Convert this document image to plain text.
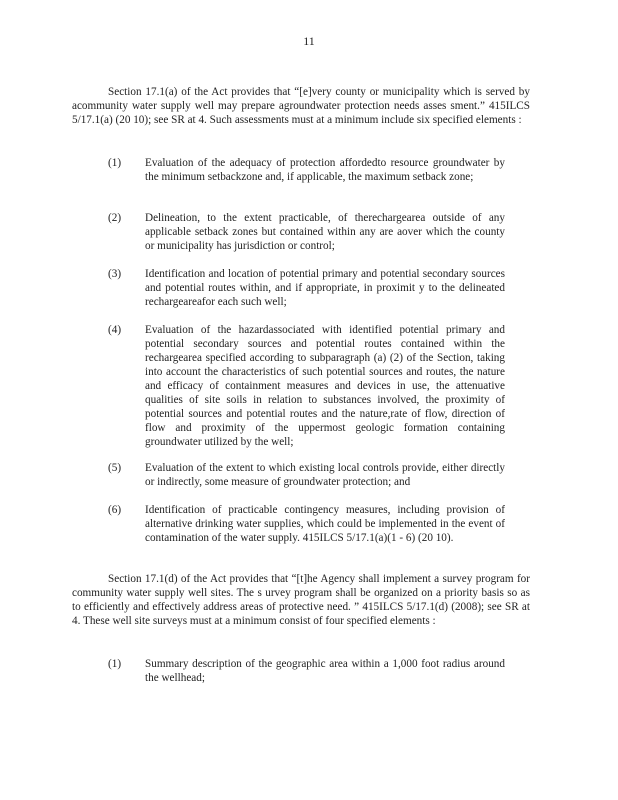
11

Section 17.1(a) of the Act provides that “[e]very county or municipality which is served by acommunity water supply well may prepare agroundwater protection needs asses sment.” 415ILCS 5/17.1(a) (20 10); see SR at 4. Such assessments must at a minimum include six specified elements :

(1) Evaluation of the adequacy of protection affordedto resource groundwater by the minimum setbackzone and, if applicable, the maximum setback zone;
(2) Delineation, to the extent practicable, of therechargearea outside of any applicable setback zones but contained within any are aover which the county or municipality has jurisdiction or control;
(3) Identification and location of potential primary and potential secondary sources and potential routes within, and if appropriate, in proximit y to the delineated rechargeareafor each such well;
(4) Evaluation of the hazardassociated with identified potential primary and potential secondary sources and potential routes contained within the rechargearea specified according to subparagraph (a) (2) of the Section, taking into account the characteristics of such potential sources and routes, the nature and efficacy of containment measures and devices in use, the attenuative qualities of site soils in relation to substances involved, the proximity of potential sources and potential routes and the nature,rate of flow, direction of flow and proximity of the uppermost geologic formation containing groundwater utilized by the well;
(5) Evaluation of the extent to which existing local controls provide, either directly or indirectly, some measure of groundwater protection; and
(6) Identification of practicable contingency measures, including provision of alternative drinking water supplies, which could be implemented in the event of contamination of the water supply. 415ILCS 5/17.1(a)(1 - 6) (20 10).

Section 17.1(d) of the Act provides that “[t]he Agency shall implement a survey program for community water supply well sites. The s urvey program shall be organized on a priority basis so as to efficiently and effectively address areas of protective need. ” 415ILCS 5/17.1(d) (2008); see SR at 4. These well site surveys must at a minimum consist of four specified elements :

(1) Summary description of the geographic area within a 1,000 foot radius around the wellhead;
